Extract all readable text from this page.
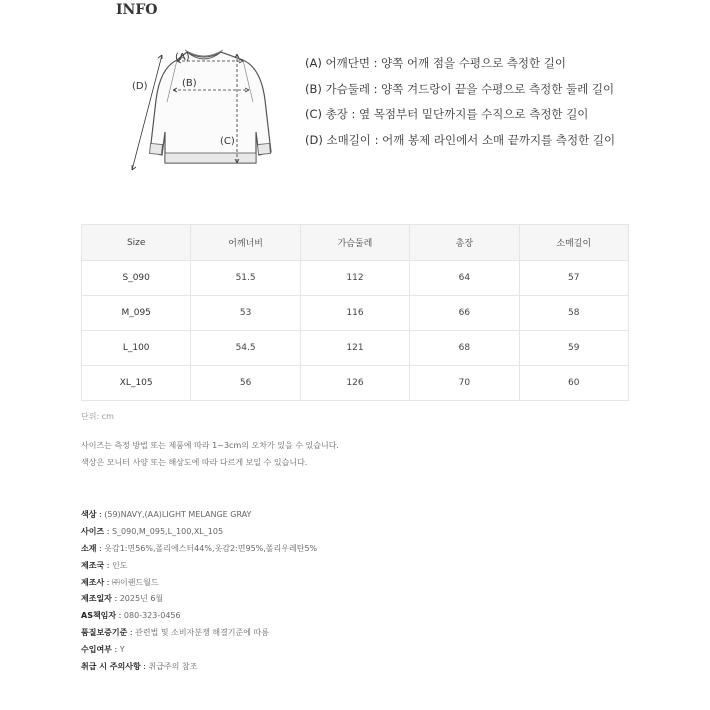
INFO
(A)
(B)
(C)
(D)
(A) 어깨단면 : 양쪽 어깨 점을 수평으로 측정한 길이
(B) 가슴둘레 : 양쪽 겨드랑이 끝을 수평으로 측정한 둘레 길이
(C) 총장 : 옆 목점부터 밑단까지를 수직으로 측정한 길이
(D) 소매길이 : 어깨 봉제 라인에서 소매 끝까지를 측정한 길이
Size	어깨너비	가슴둘레	총장	소매길이
S_090	51.5	112	64	57
M_095	53	116	66	58
L_100	54.5	121	68	59
XL_105	56	126	70	60
단위: cm
사이즈는 측정 방법 또는 제품에 따라 1~3cm의 오차가 있을 수 있습니다.
색상은 모니터 사양 또는 해상도에 따라 다르게 보일 수 있습니다.
색상 : (59)NAVY,(AA)LIGHT MELANGE GRAY
사이즈 : S_090,M_095,L_100,XL_105
소재 : 옷감1:면56%,폴리에스터44%,옷감2:면95%,폴리우레탄5%
제조국 : 인도
제조사 : ㈜이랜드월드
제조일자 : 2025년 6월
AS책임자 : 080-323-0456
품질보증기준 : 관련법 및 소비자분쟁 해결기준에 따름
수입여부 : Y
취급 시 주의사항 : 취급주의 참조
